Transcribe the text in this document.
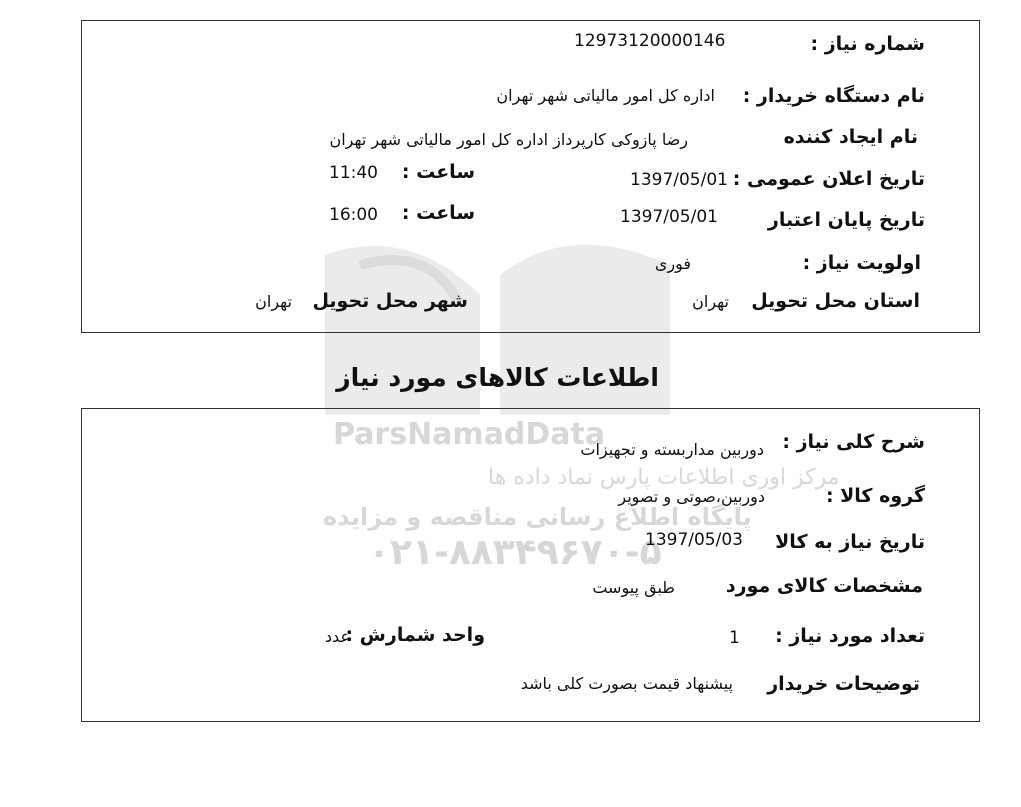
ParsNamadData
مرکز اوری اطلاعات پارس نماد داده ها
پایگاه اطلاع رسانی مناقصه و مزایده
۰۲۱-۸۸۳۴۹۶۷۰-۵
شماره نیاز :
12973120000146
نام دستگاه خریدار :
اداره کل امور مالیاتی شهر تهران
نام ایجاد کننده
رضا پازوکی کارپرداز اداره کل امور مالیاتی شهر تهران
تاریخ اعلان عمومی :
1397/05/01
ساعت :
11:40
تاریخ پایان اعتبار
1397/05/01
ساعت :
16:00
اولویت نیاز :
فوری
استان محل تحویل
تهران
شهر محل تحویل
تهران
اطلاعات کالاهای مورد نیاز
شرح کلی نیاز :
دوربین مداربسته و تجهیزات
گروه کالا :
دوربین،صوتی و تصویر
تاریخ نیاز به کالا
1397/05/03
مشخصات کالای مورد
طبق پیوست
تعداد مورد نیاز :
1
واحد شمارش :
عدد
توضیحات خریدار
پیشنهاد قیمت بصورت کلی باشد
